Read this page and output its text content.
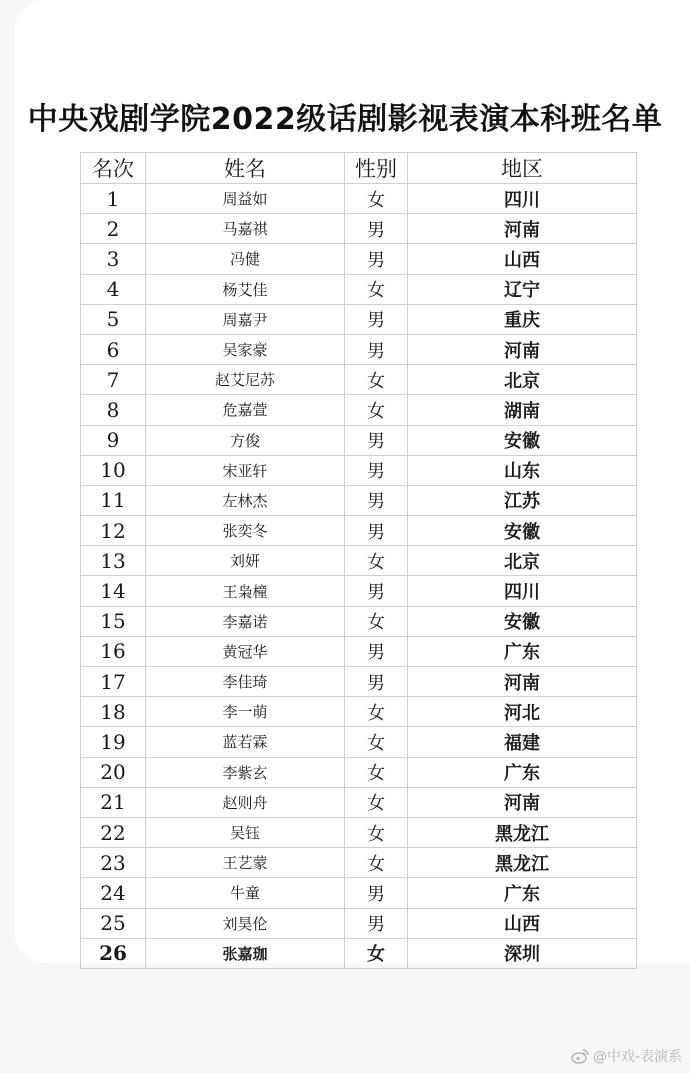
中央戏剧学院2022级话剧影视表演本科班名单
名次	姓名	性别	地区
1	周益如	女	四川
2	马嘉祺	男	河南
3	冯健	男	山西
4	杨艾佳	女	辽宁
5	周嘉尹	男	重庆
6	吴家豪	男	河南
7	赵艾尼苏	女	北京
8	危嘉萱	女	湖南
9	方俊	男	安徽
10	宋亚轩	男	山东
11	左林杰	男	江苏
12	张奕冬	男	安徽
13	刘妍	女	北京
14	王枭橦	男	四川
15	李嘉诺	女	安徽
16	黄冠华	男	广东
17	李佳琦	男	河南
18	李一萌	女	河北
19	蓝若霖	女	福建
20	李紫玄	女	广东
21	赵则舟	女	河南
22	吴钰	女	黑龙江
23	王艺蒙	女	黑龙江
24	牛童	男	广东
25	刘昊伦	男	山西
26	张嘉珈	女	深圳
@中戏-表演系
